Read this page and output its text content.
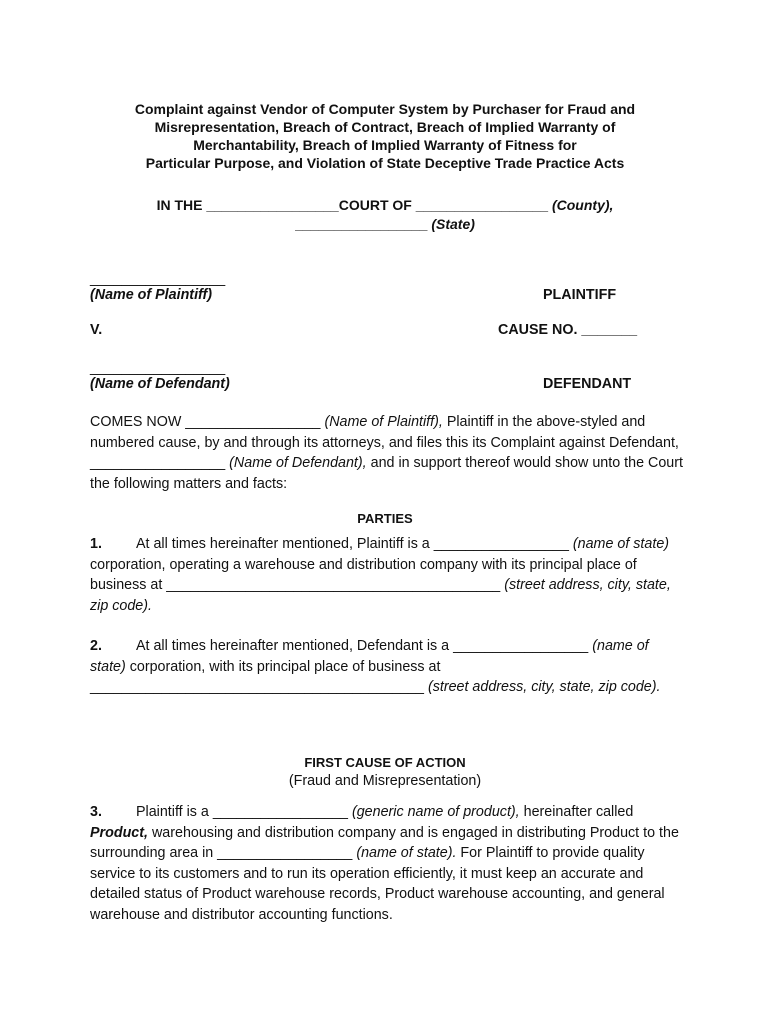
Complaint against Vendor of Computer System by Purchaser for Fraud and
Misrepresentation, Breach of Contract, Breach of Implied Warranty of
Merchantability, Breach of Implied Warranty of Fitness for
Particular Purpose, and Violation of State Deceptive Trade Practice Acts
IN THE _________________COURT OF _________________ (County),
_________________ (State)
_________________
(Name of Plaintiff)	PLAINTIFF
V.	CAUSE NO. _______
_________________
(Name of Defendant)	DEFENDANT
COMES NOW _________________ (Name of Plaintiff), Plaintiff in the above-styled and numbered cause, by and through its attorneys, and files this its Complaint against Defendant, _________________ (Name of Defendant), and in support thereof would show unto the Court the following matters and facts:
PARTIES
1. At all times hereinafter mentioned, Plaintiff is a _________________ (name of state) corporation, operating a warehouse and distribution company with its principal place of business at __________________________________________ (street address, city, state, zip code).
2. At all times hereinafter mentioned, Defendant is a _________________ (name of state) corporation, with its principal place of business at __________________________________________ (street address, city, state, zip code).
FIRST CAUSE OF ACTION
(Fraud and Misrepresentation)
3. Plaintiff is a _________________ (generic name of product), hereinafter called Product, warehousing and distribution company and is engaged in distributing Product to the surrounding area in _________________ (name of state). For Plaintiff to provide quality service to its customers and to run its operation efficiently, it must keep an accurate and detailed status of Product warehouse records, Product warehouse accounting, and general warehouse and distributor accounting functions.
